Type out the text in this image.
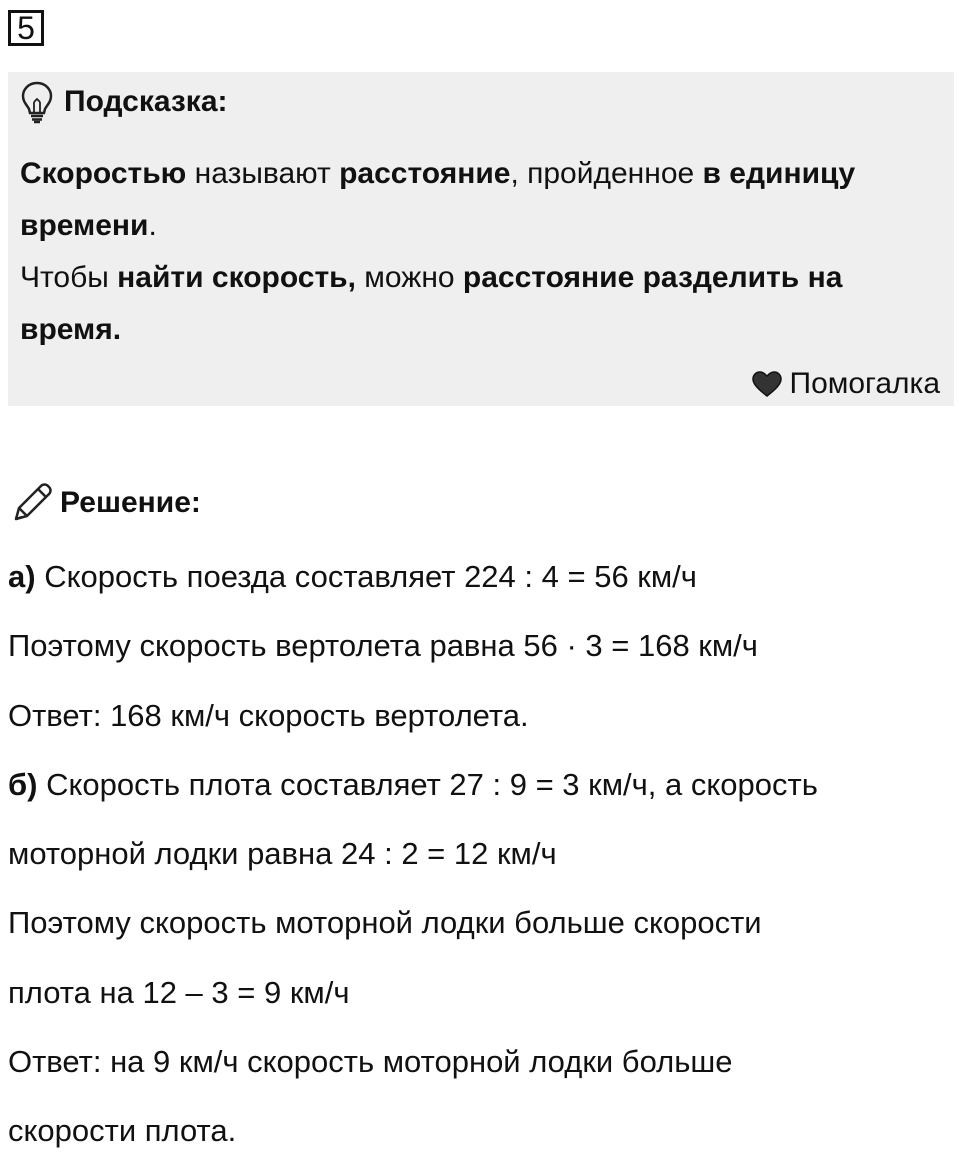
5
Подсказка:

Скоростью называют расстояние, пройденное в единицу времени.

Чтобы найти скорость, можно расстояние разделить на время.

Помогалка
Решение:
а) Скорость поезда составляет 224 : 4 = 56 км/ч
Поэтому скорость вертолета равна 56 · 3 = 168 км/ч
Ответ: 168 км/ч скорость вертолета.
б) Скорость плота составляет 27 : 9 = 3 км/ч, а скорость
моторной лодки равна 24 : 2 = 12 км/ч
Поэтому скорость моторной лодки больше скорости
плота на 12 – 3 = 9 км/ч
Ответ: на 9 км/ч скорость моторной лодки больше
скорости плота.
